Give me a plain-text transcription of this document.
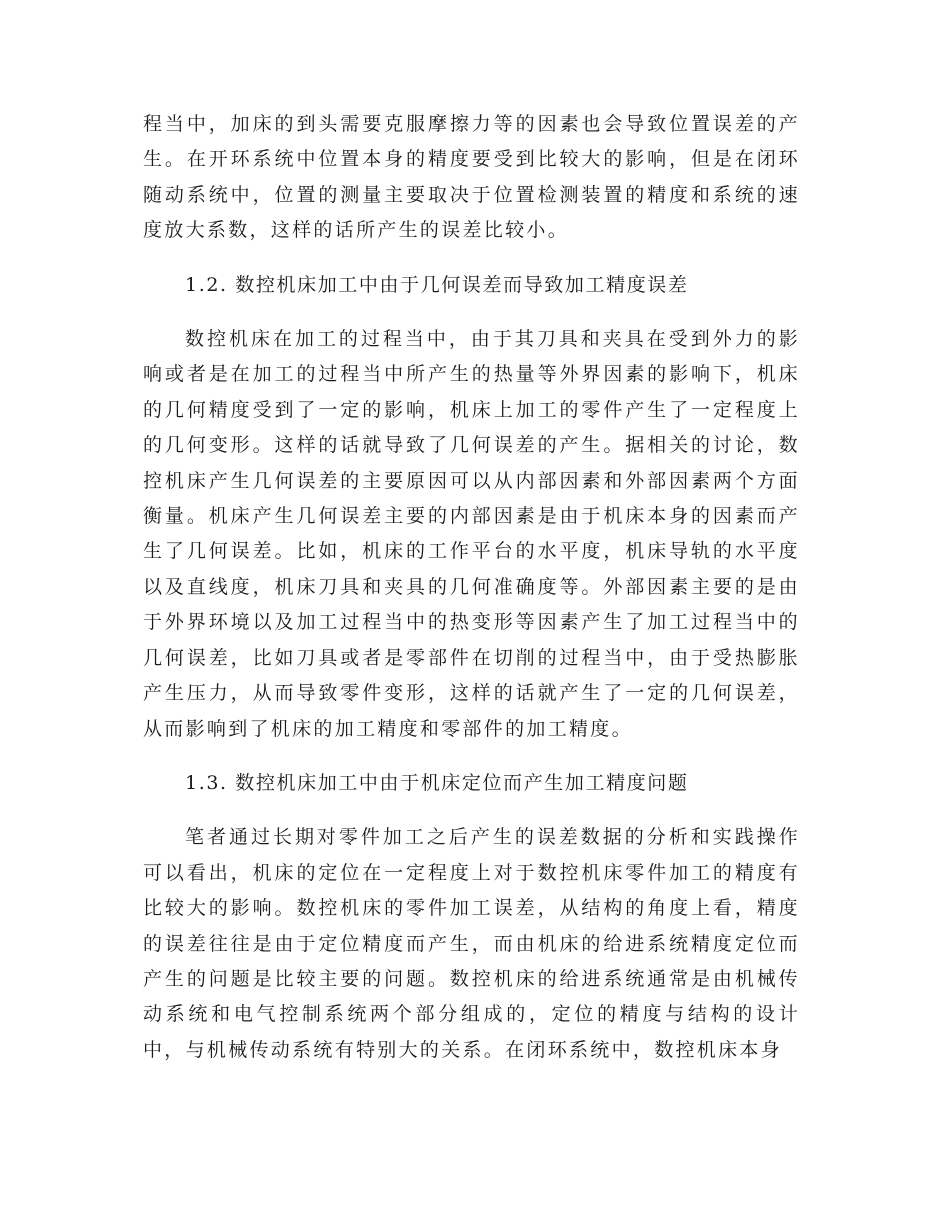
程当中，加床的到头需要克服摩擦力等的因素也会导致位置误差的产生。在开环系统中位置本身的精度要受到比较大的影响，但是在闭环随动系统中，位置的测量主要取决于位置检测装置的精度和系统的速度放大系数，这样的话所产生的误差比较小。

1.2. 数控机床加工中由于几何误差而导致加工精度误差

数控机床在加工的过程当中，由于其刀具和夹具在受到外力的影响或者是在加工的过程当中所产生的热量等外界因素的影响下，机床的几何精度受到了一定的影响，机床上加工的零件产生了一定程度上的几何变形。这样的话就导致了几何误差的产生。据相关的讨论，数控机床产生几何误差的主要原因可以从内部因素和外部因素两个方面衡量。机床产生几何误差主要的内部因素是由于机床本身的因素而产生了几何误差。比如，机床的工作平台的水平度，机床导轨的水平度以及直线度，机床刀具和夹具的几何准确度等。外部因素主要的是由于外界环境以及加工过程当中的热变形等因素产生了加工过程当中的几何误差，比如刀具或者是零部件在切削的过程当中，由于受热膨胀产生压力，从而导致零件变形，这样的话就产生了一定的几何误差，从而影响到了机床的加工精度和零部件的加工精度。

1.3. 数控机床加工中由于机床定位而产生加工精度问题

笔者通过长期对零件加工之后产生的误差数据的分析和实践操作可以看出，机床的定位在一定程度上对于数控机床零件加工的精度有比较大的影响。数控机床的零件加工误差，从结构的角度上看，精度的误差往往是由于定位精度而产生，而由机床的给进系统精度定位而产生的问题是比较主要的问题。数控机床的给进系统通常是由机械传动系统和电气控制系统两个部分组成的，定位的精度与结构的设计中，与机械传动系统有特别大的关系。在闭环系统中，数控机床本身
